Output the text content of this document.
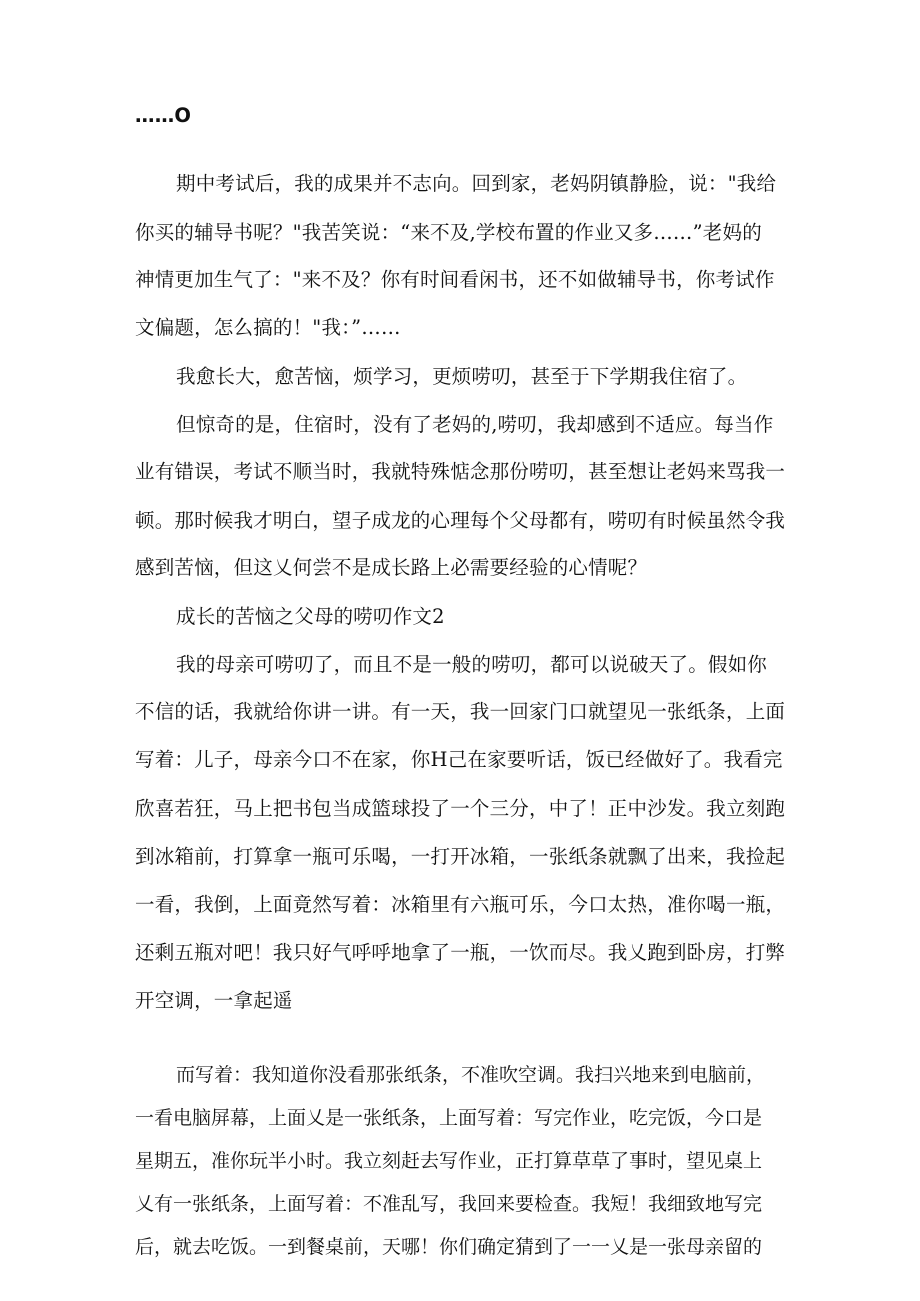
……O
期中考试后，我的成果并不志向。回到家，老妈阴镇静脸，说："我给
你买的辅导书呢？"我苦笑说：“来不及,学校布置的作业又多……”老妈的
神情更加生气了："来不及？你有时间看闲书，还不如做辅导书，你考试作
文偏题，怎么搞的！"我：”……
我愈长大，愈苦恼，烦学习，更烦唠叨，甚至于下学期我住宿了。
但惊奇的是，住宿时，没有了老妈的,唠叨，我却感到不适应。每当作
业有错误，考试不顺当时，我就特殊惦念那份唠叨，甚至想让老妈来骂我一
顿。那时候我才明白，望子成龙的心理每个父母都有，唠叨有时候虽然令我
感到苦恼，但这乂何尝不是成长路上必需要经验的心情呢？
成长的苦恼之父母的唠叨作文2
我的母亲可唠叨了，而且不是一般的唠叨，都可以说破天了。假如你
不信的话，我就给你讲一讲。有一天，我一回家门口就望见一张纸条，上面
写着：儿子，母亲今口不在家，你H己在家要听话，饭已经做好了。我看完
欣喜若狂，马上把书包当成篮球投了一个三分，中了！正中沙发。我立刻跑
到冰箱前，打算拿一瓶可乐喝，一打开冰箱，一张纸条就飘了出来，我捡起
一看，我倒，上面竟然写着：冰箱里有六瓶可乐，今口太热，准你喝一瓶，
还剩五瓶对吧！我只好气呼呼地拿了一瓶，一饮而尽。我乂跑到卧房，打弊
开空调，一拿起遥
而写着：我知道你没看那张纸条，不准吹空调。我扫兴地来到电脑前，
一看电脑屏幕，上面乂是一张纸条，上面写着：写完作业，吃完饭，今口是
星期五，准你玩半小时。我立刻赶去写作业，正打算草草了事时，望见桌上
乂有一张纸条，上面写着：不准乱写，我回来要检查。我短！我细致地写完
后，就去吃饭。一到餐桌前，天哪！你们确定猜到了一一乂是一张母亲留的
